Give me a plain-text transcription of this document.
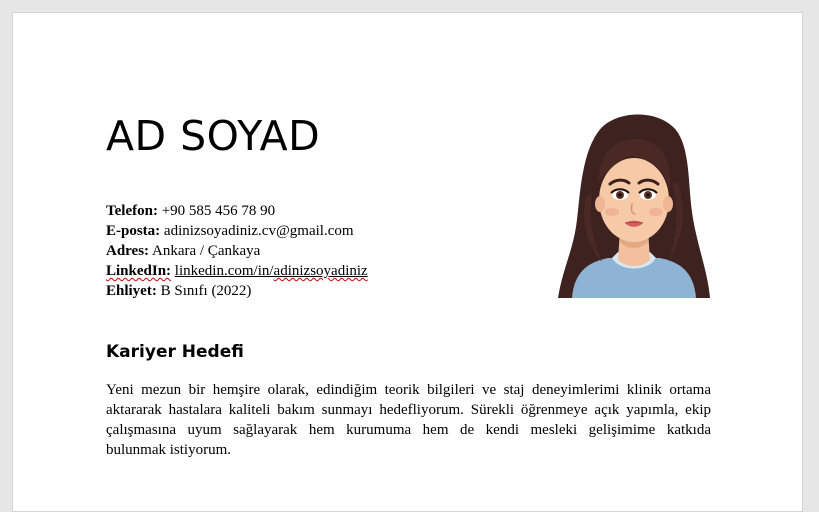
AD SOYAD
Telefon: +90 585 456 78 90
E-posta: adinizsoyadiniz.cv@gmail.com
Adres: Ankara / Çankaya
LinkedIn: linkedin.com/in/adinizsoyadiniz
Ehliyet: B Sınıfı (2022)
Kariyer Hedefi
Yeni mezun bir hemşire olarak, edindiğim teorik bilgileri ve staj deneyimlerimi klinik ortama
aktararak hastalara kaliteli bakım sunmayı hedefliyorum. Sürekli öğrenmeye açık yapımla, ekip
çalışmasına uyum sağlayarak hem kurumuma hem de kendi mesleki gelişimime katkıda
bulunmak istiyorum.
